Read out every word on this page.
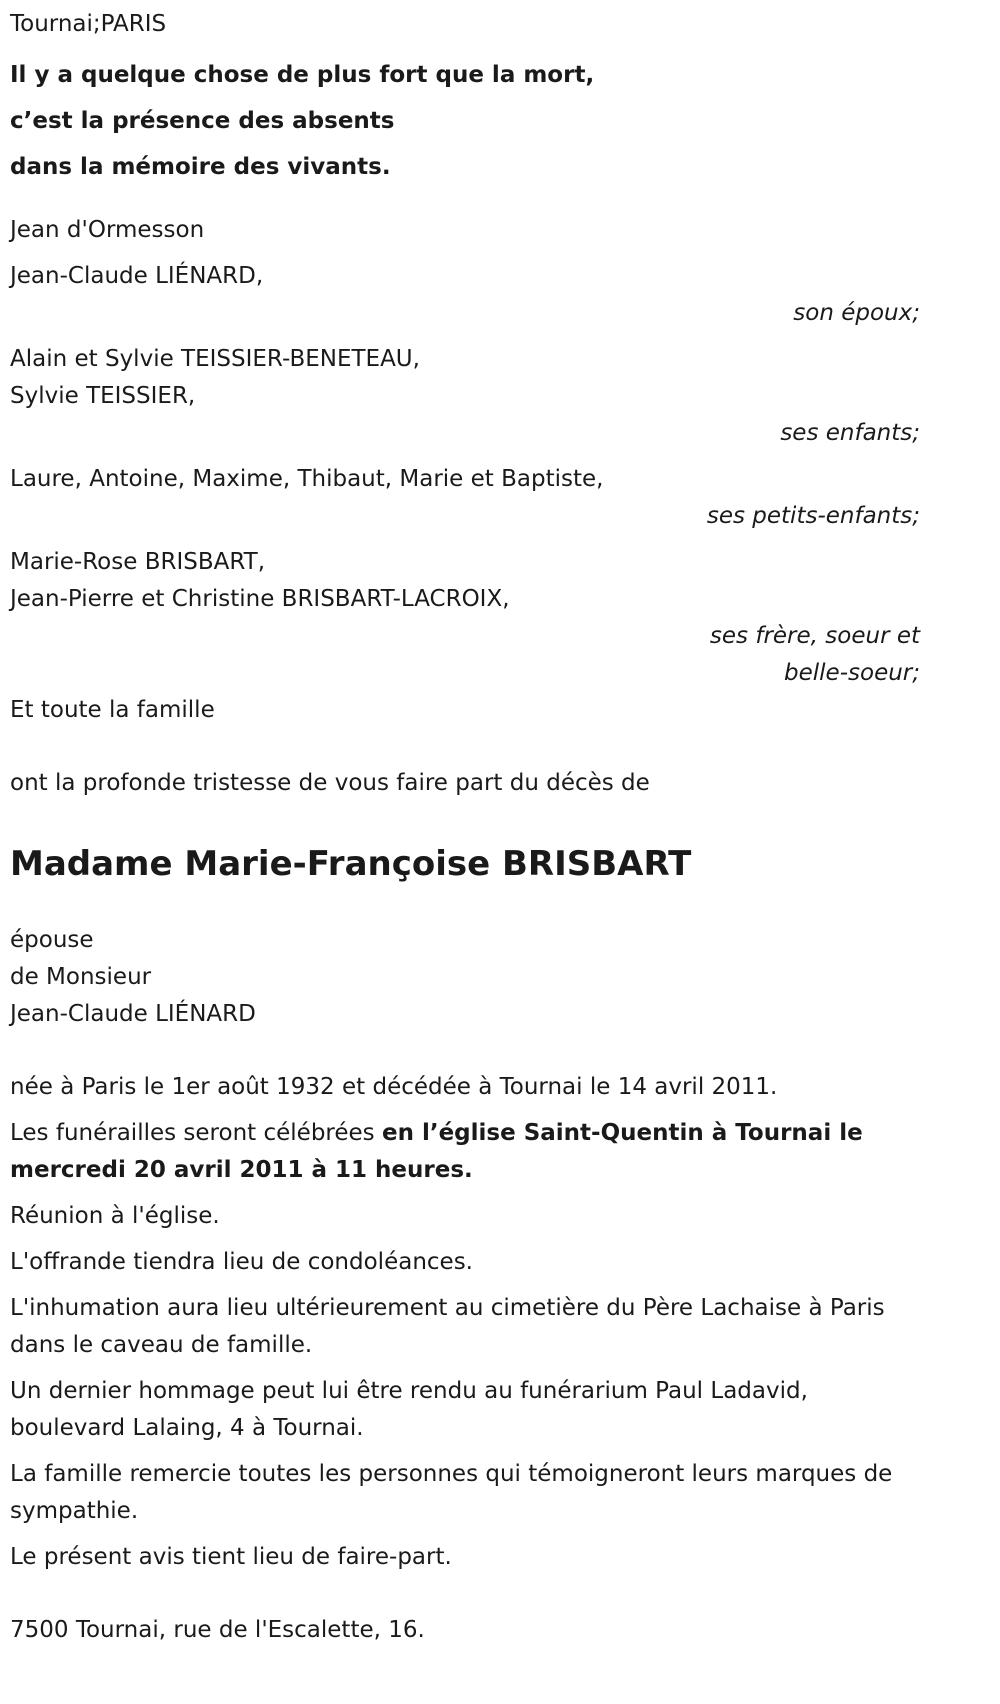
Tournai;PARIS
Il y a quelque chose de plus fort que la mort,
c’est la présence des absents
dans la mémoire des vivants.
Jean d'Ormesson
Jean-Claude LIÉNARD,
son époux;
Alain et Sylvie TEISSIER-BENETEAU,
Sylvie TEISSIER,
ses enfants;
Laure, Antoine, Maxime, Thibaut, Marie et Baptiste,
ses petits-enfants;
Marie-Rose BRISBART,
Jean-Pierre et Christine BRISBART-LACROIX,
ses frère, soeur et
belle-soeur;
Et toute la famille
ont la profonde tristesse de vous faire part du décès de
Madame Marie-Françoise BRISBART
épouse
de Monsieur
Jean-Claude LIÉNARD

née à Paris le 1er août 1932 et décédée à Tournai le 14 avril 2011.

Les funérailles seront célébrées en l’église Saint-Quentin à Tournai le mercredi 20 avril 2011 à 11 heures.

Réunion à l'église.

L'offrande tiendra lieu de condoléances.

L'inhumation aura lieu ultérieurement au cimetière du Père Lachaise à Paris dans le caveau de famille.

Un dernier hommage peut lui être rendu au funérarium Paul Ladavid, boulevard Lalaing, 4 à Tournai.

La famille remercie toutes les personnes qui témoigneront leurs marques de sympathie.

Le présent avis tient lieu de faire-part.

7500 Tournai, rue de l'Escalette, 16.
